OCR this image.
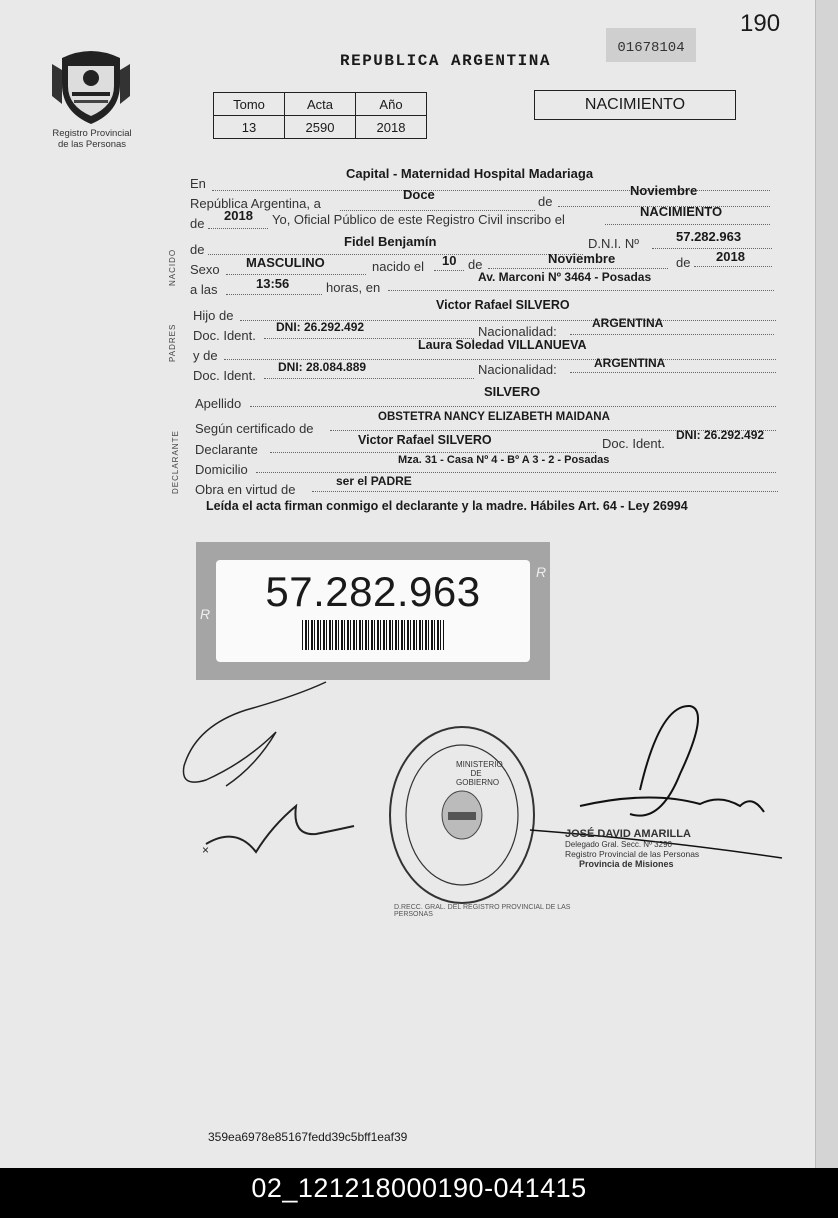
190
01678104
Registro Provincial
de las Personas
REPUBLICA ARGENTINA
Tomo	Acta	Año
13	2590	2018
NACIMIENTO
NACIDO
PADRES
DECLARANTE
En
Capital - Maternidad Hospital Madariaga
República Argentina, a
Doce	de
Noviembre
de
2018 Yo, Oficial Público de este Registro Civil inscribo el
NACIMIENTO
de
Fidel Benjamín	D.N.I. Nº	57.282.963
Sexo MASCULINO	nacido el 10 de	Noviembre	de 2018
a las	13:56	horas, en
Av. Marconi Nº 3464 - Posadas
Hijo de
Victor Rafael SILVERO
Doc. Ident.
DNI: 26.292.492	Nacionalidad:
ARGENTINA
y de
Laura Soledad VILLANUEVA
Doc. Ident.
DNI: 28.084.889	Nacionalidad:	ARGENTINA
Apellido
SILVERO
Según certificado de
OBSTETRA NANCY ELIZABETH MAIDANA
Declarante
Victor Rafael SILVERO	Doc. Ident.
DNI: 26.292.492
Domicilio
Mza. 31 - Casa Nº 4 - Bº A 3 - 2 - Posadas
Obra en virtud de
ser el PADRE
Leída el acta firman conmigo el declarante y la madre. Hábiles Art. 64 - Ley 26994
57.282.963
R
R
×
MINISTERIO DE GOBIERNO
D.RECC. GRAL. DEL REGISTRO PROVINCIAL DE LAS PERSONAS
JOSÉ DAVID AMARILLA
Delegado Gral. Secc. Nº 3290
Registro Provincial de las Personas
Provincia de Misiones
359ea6978e85167fedd39c5bff1eaf39
02_121218000190-041415
